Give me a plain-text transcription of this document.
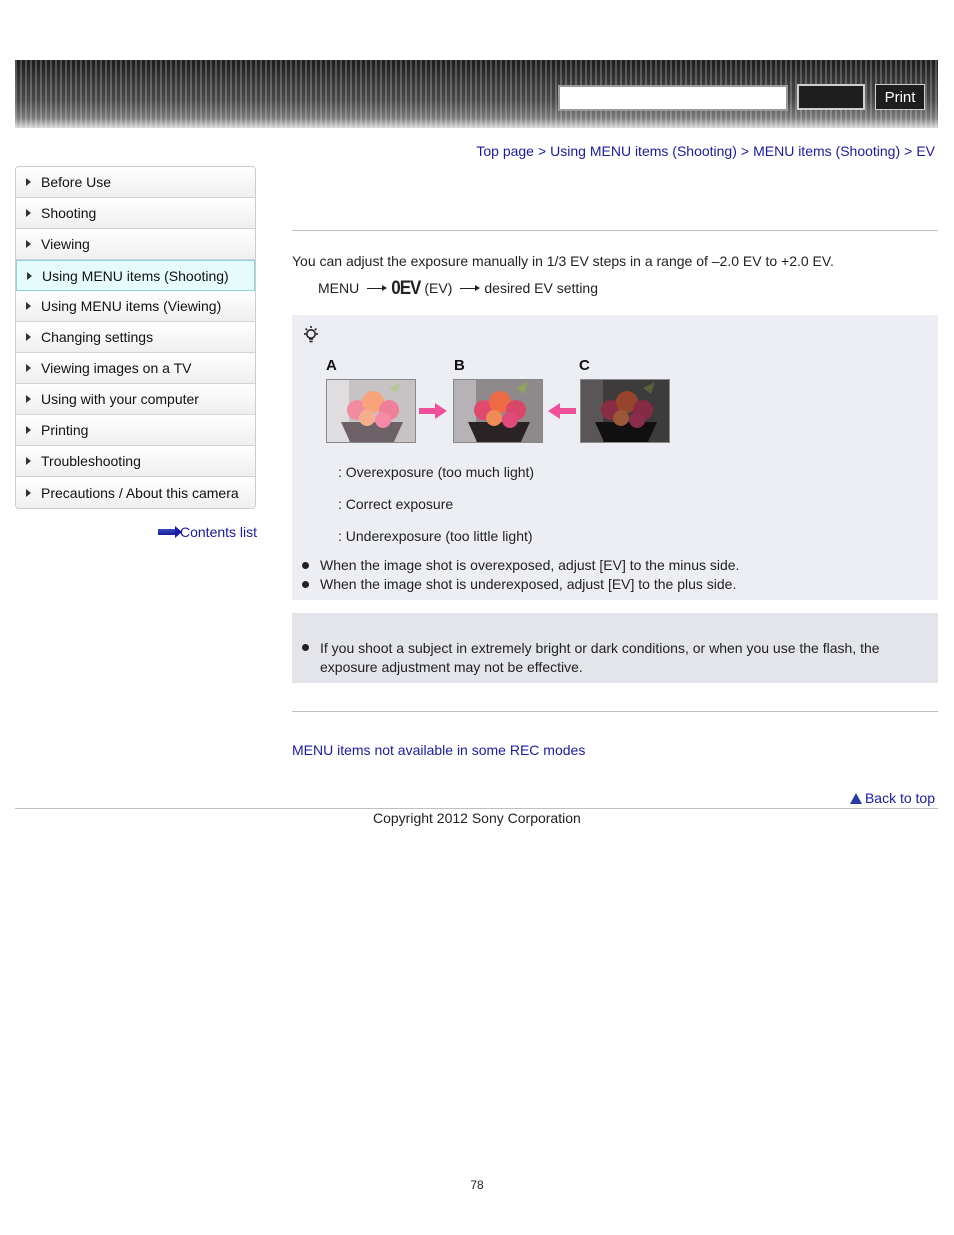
Print
Top page > Using MENU items (Shooting) > MENU items (Shooting) > EV
Before Use
Shooting
Viewing
Using MENU items (Shooting)
Using MENU items (Viewing)
Changing settings
Viewing images on a TV
Using with your computer
Printing
Troubleshooting
Precautions / About this camera
Contents list
You can adjust the exposure manually in 1/3 EV steps in a range of –2.0 EV to +2.0 EV.
MENU 0EV (EV) desired EV setting
A	B	C
: Overexposure (too much light)
: Correct exposure
: Underexposure (too little light)
When the image shot is overexposed, adjust [EV] to the minus side.
When the image shot is underexposed, adjust [EV] to the plus side.
If you shoot a subject in extremely bright or dark conditions, or when you use the flash, the exposure adjustment may not be effective.
MENU items not available in some REC modes
Back to top
Copyright 2012 Sony Corporation
78
